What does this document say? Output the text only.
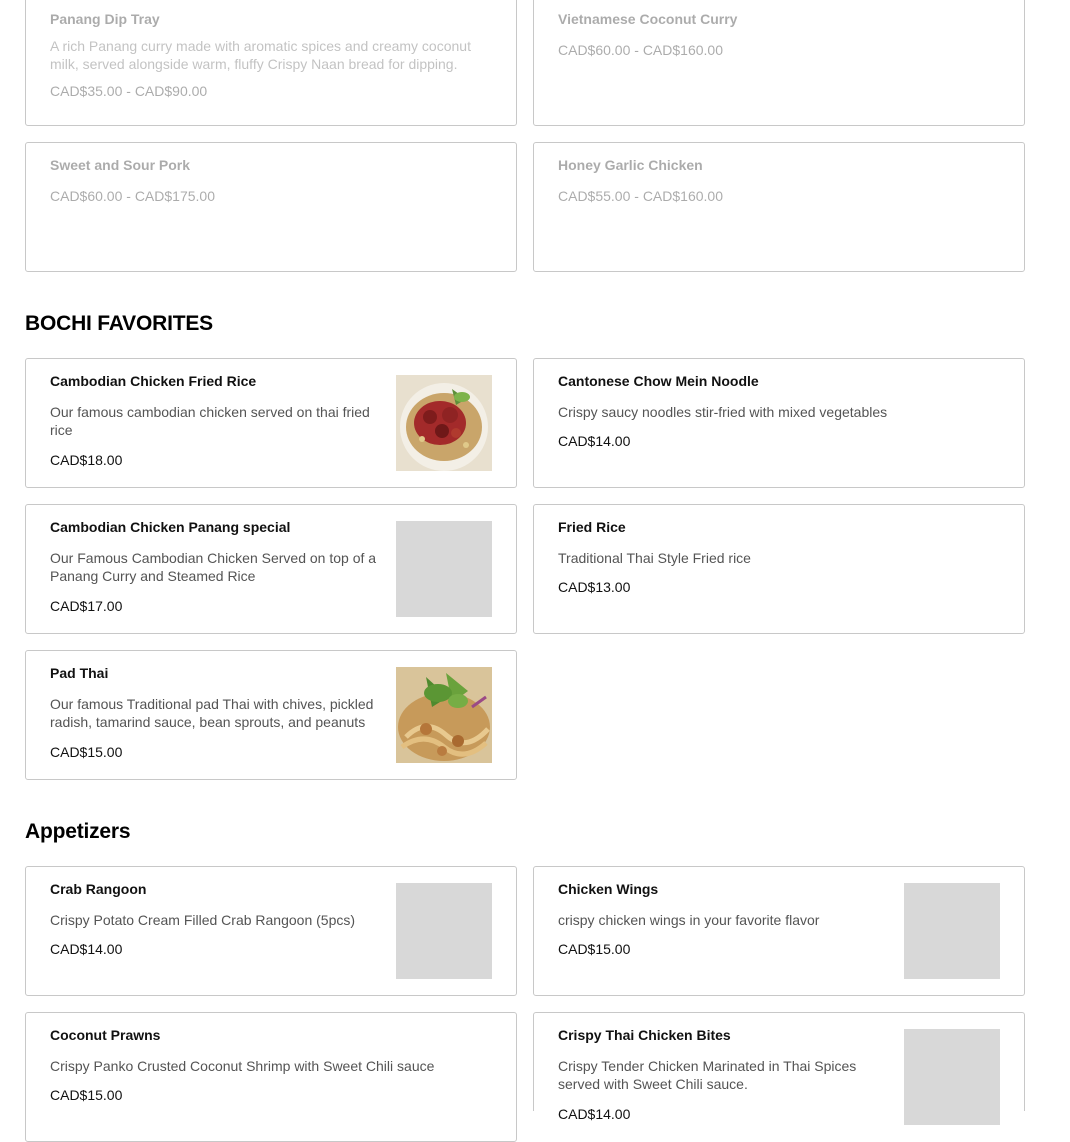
Panang Dip Tray
A rich Panang curry made with aromatic spices and creamy coconut milk, served alongside warm, fluffy Crispy Naan bread for dipping.
CAD$35.00 - CAD$90.00
Vietnamese Coconut Curry
CAD$60.00 - CAD$160.00
Sweet and Sour Pork
CAD$60.00 - CAD$175.00
Honey Garlic Chicken
CAD$55.00 - CAD$160.00
BOCHI FAVORITES
Cambodian Chicken Fried Rice
Our famous cambodian chicken served on thai fried rice
CAD$18.00
Cantonese Chow Mein Noodle
Crispy saucy noodles stir-fried with mixed vegetables
CAD$14.00
Cambodian Chicken Panang special
Our Famous Cambodian Chicken Served on top of a Panang Curry and Steamed Rice
CAD$17.00
Fried Rice
Traditional Thai Style Fried rice
CAD$13.00
Pad Thai
Our famous Traditional pad Thai with chives, pickled radish, tamarind sauce, bean sprouts, and peanuts
CAD$15.00
Appetizers
Crab Rangoon
Crispy Potato Cream Filled Crab Rangoon (5pcs)
CAD$14.00
Chicken Wings
crispy chicken wings in your favorite flavor
CAD$15.00
Coconut Prawns
Crispy Panko Crusted Coconut Shrimp with Sweet Chili sauce
CAD$15.00
Crispy Thai Chicken Bites
Crispy Tender Chicken Marinated in Thai Spices served with Sweet Chili sauce.
CAD$14.00
